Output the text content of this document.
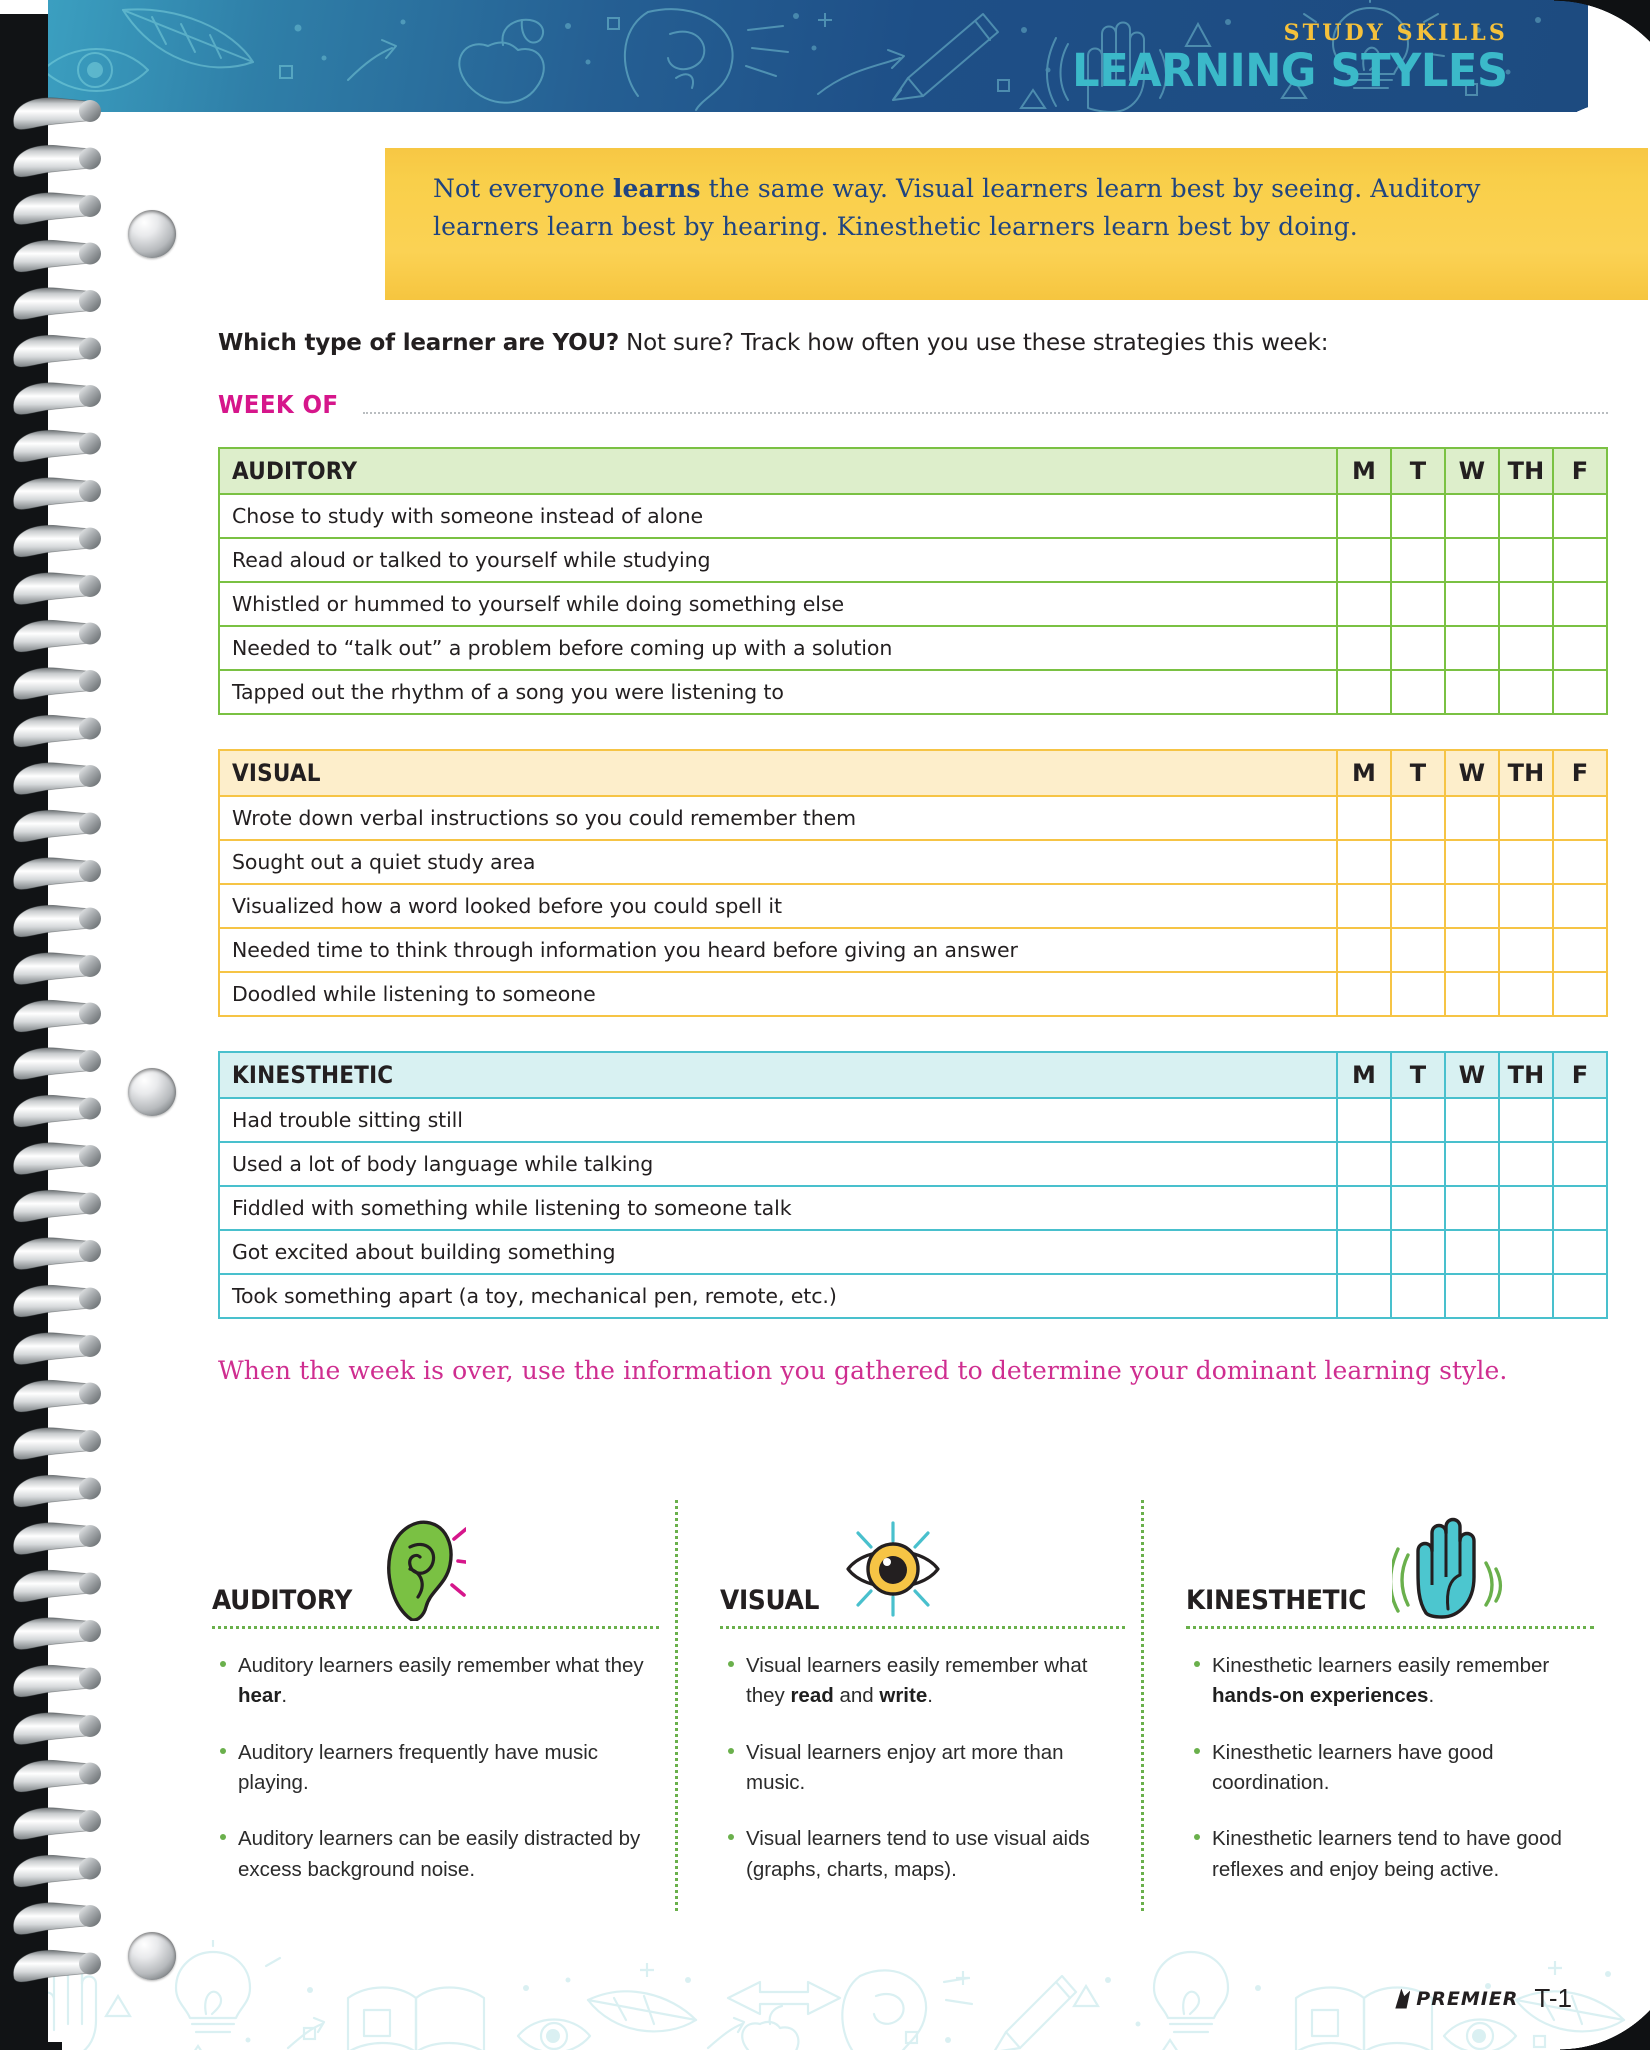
STUDY SKILLS
LEARNING STYLES
Not everyone learns the same way. Visual learners learn best by seeing. Auditory learners learn best by hearing. Kinesthetic learners learn best by doing.

Which type of learner are YOU? Not sure? Track how often you use these strategies this week:

WEEK OF
AUDITORY	M	T	W	TH	F
Chose to study with someone instead of alone					
Read aloud or talked to yourself while studying					
Whistled or hummed to yourself while doing something else					
Needed to “talk out” a problem before coming up with a solution					
Tapped out the rhythm of a song you were listening to					
VISUAL	M	T	W	TH	F
Wrote down verbal instructions so you could remember them					
Sought out a quiet study area					
Visualized how a word looked before you could spell it					
Needed time to think through information you heard before giving an answer					
Doodled while listening to someone					
KINESTHETIC	M	T	W	TH	F
Had trouble sitting still					
Used a lot of body language while talking					
Fiddled with something while listening to someone talk					
Got excited about building something					
Took something apart (a toy, mechanical pen, remote, etc.)					

When the week is over, use the information you gathered to determine your dominant learning style.

AUDITORY
Auditory learners easily remember what they hear.
Auditory learners frequently have music playing.
Auditory learners can be easily distracted by excess background noise.
VISUAL
Visual learners easily remember what they read and write.
Visual learners enjoy art more than music.
Visual learners tend to use visual aids (graphs, charts, maps).
KINESTHETIC
Kinesthetic learners easily remember hands-on experiences.
Kinesthetic learners have good coordination.
Kinesthetic learners tend to have good reflexes and enjoy being active.
PREMIER T-1
